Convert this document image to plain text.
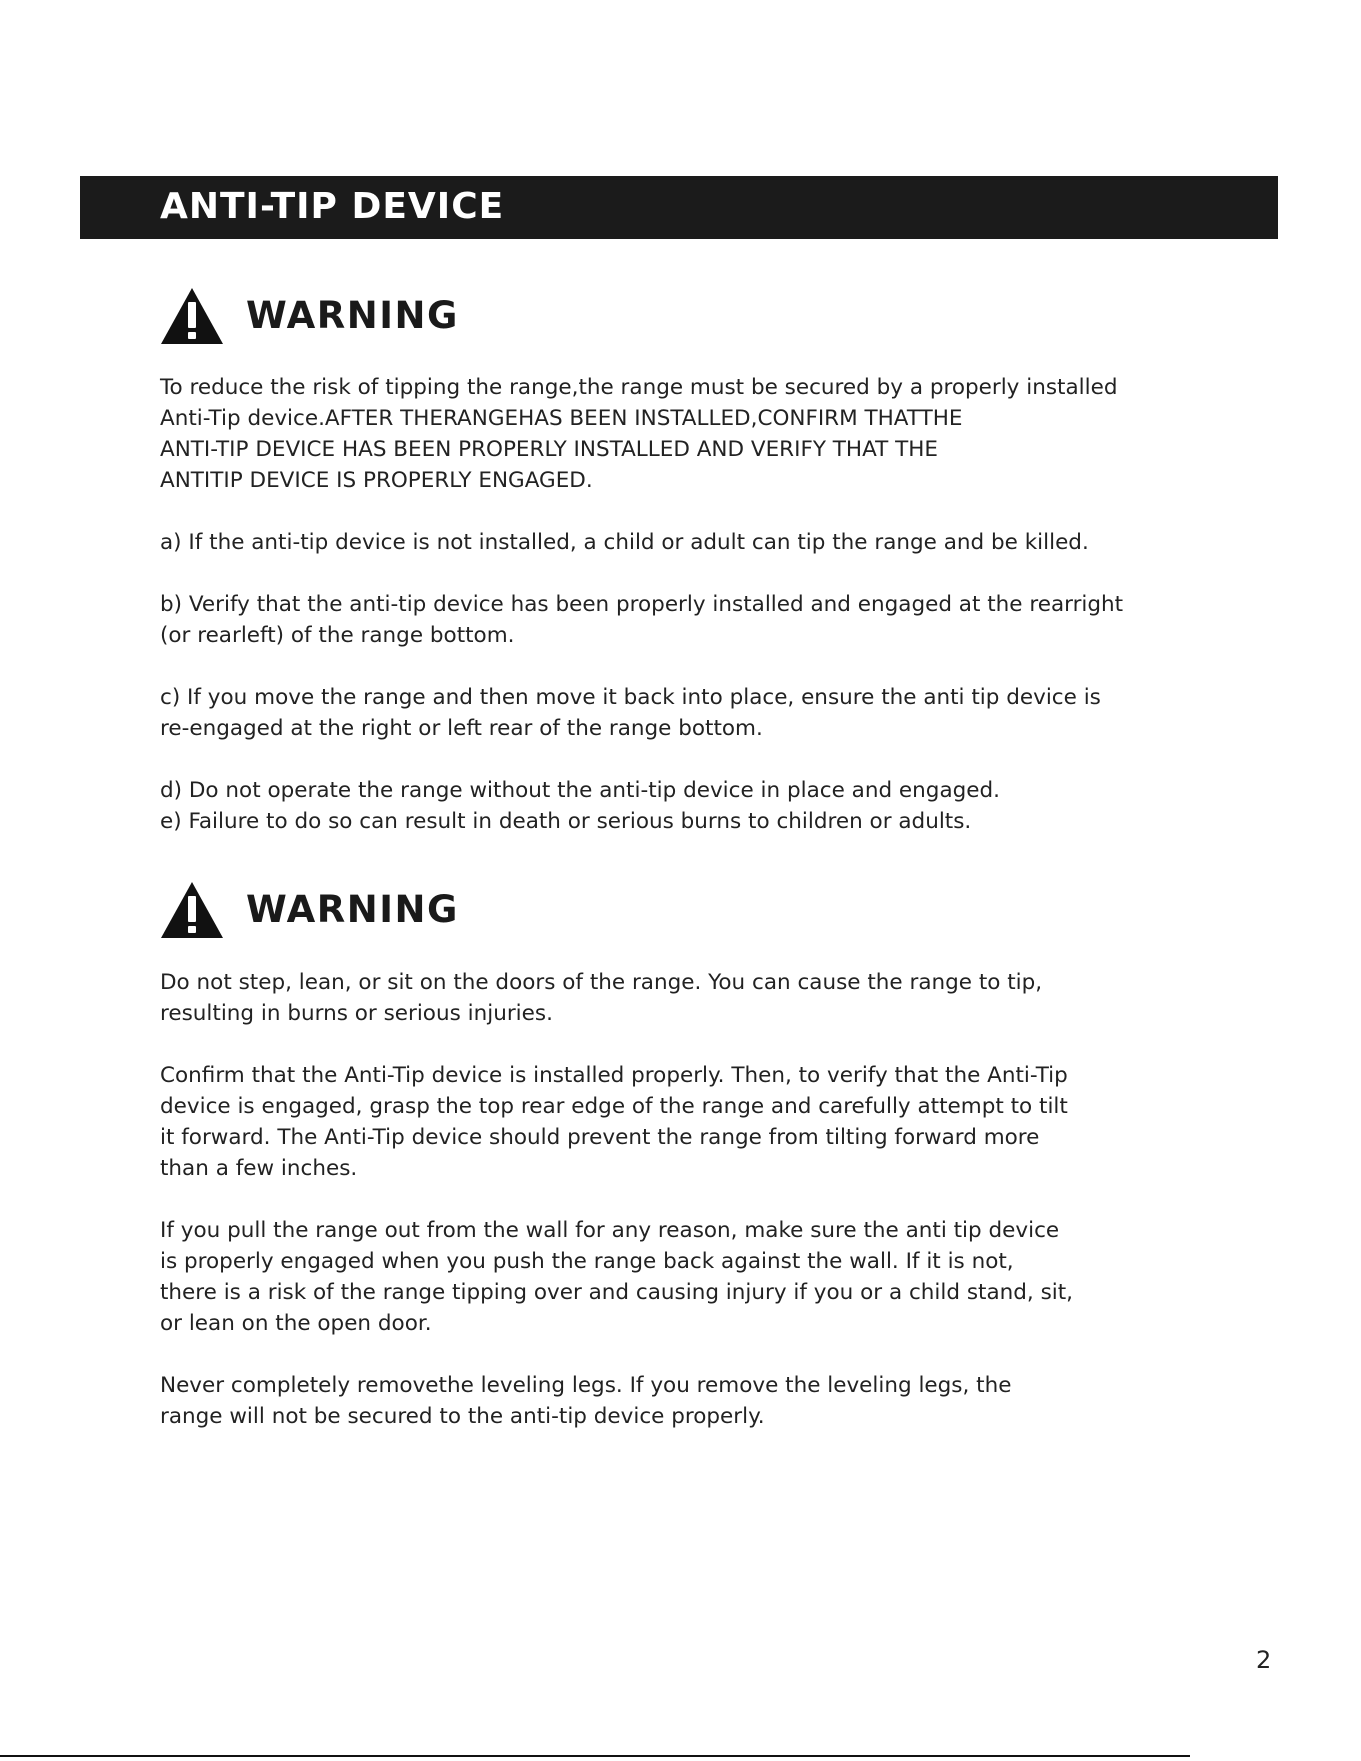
ANTI-TIP DEVICE
WARNING

To reduce the risk of tipping the range,the range must be secured by a properly installed
Anti-Tip device.AFTER THERANGEHAS BEEN INSTALLED,CONFIRM THATTHE
ANTI-TIP DEVICE HAS BEEN PROPERLY INSTALLED AND VERIFY THAT THE
ANTITIP DEVICE IS PROPERLY ENGAGED.

a) If the anti-tip device is not installed, a child or adult can tip the range and be killed.

b) Verify that the anti-tip device has been properly installed and engaged at the rearright
(or rearleft) of the range bottom.

c) If you move the range and then move it back into place, ensure the anti tip device is
re-engaged at the right or left rear of the range bottom.

d) Do not operate the range without the anti-tip device in place and engaged.
e) Failure to do so can result in death or serious burns to children or adults.

WARNING

Do not step, lean, or sit on the doors of the range. You can cause the range to tip,
resulting in burns or serious injuries.

Confirm that the Anti-Tip device is installed properly. Then, to verify that the Anti-Tip
device is engaged, grasp the top rear edge of the range and carefully attempt to tilt
it forward. The Anti-Tip device should prevent the range from tilting forward more
than a few inches.

If you pull the range out from the wall for any reason, make sure the anti tip device
is properly engaged when you push the range back against the wall. If it is not,
there is a risk of the range tipping over and causing injury if you or a child stand, sit,
or lean on the open door.

Never completely removethe leveling legs. If you remove the leveling legs, the
range will not be secured to the anti-tip device properly.

2
